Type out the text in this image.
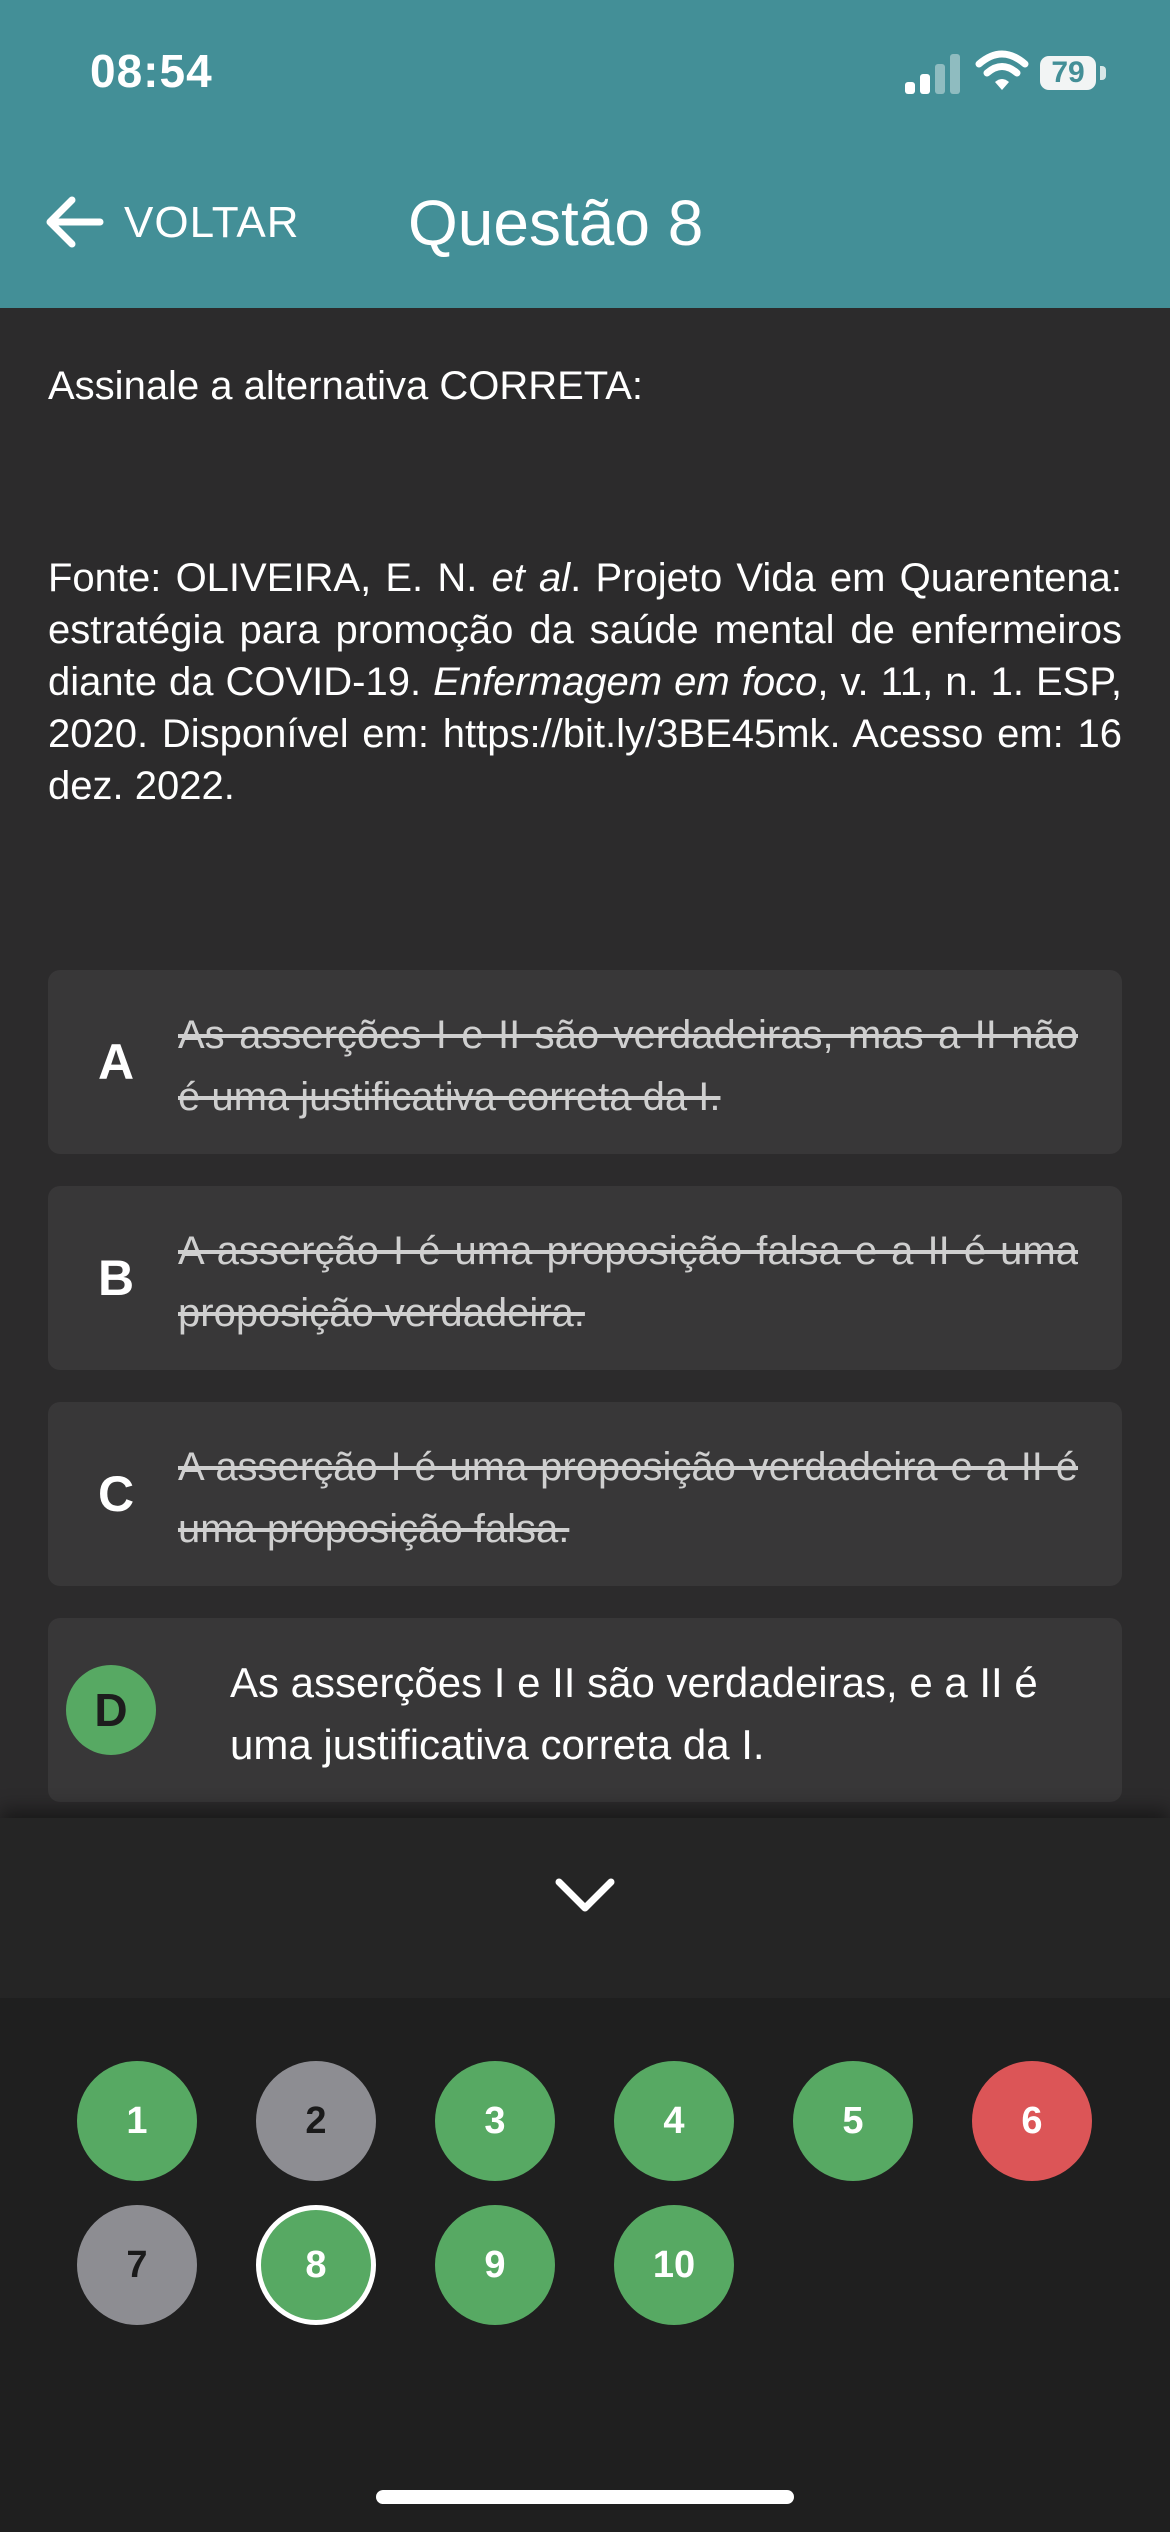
08:54	79
VOLTAR Questão 8
Assinale a alternativa CORRETA:
Fonte: OLIVEIRA, E. N. et al. Projeto Vida em Quarentena: estratégia para promoção da saúde mental de enfermeiros diante da COVID-19. Enfermagem em foco, v. 11, n. 1. ESP, 2020. Disponível em: https://bit.ly/3BE45mk. Acesso em: 16 dez. 2022.
A As asserções I e II são verdadeiras, mas a II não é uma justificativa correta da I.
B A asserção I é uma proposição falsa e a II é uma proposição verdadeira.
C A asserção I é uma proposição verdadeira e a II é uma proposição falsa.
D
As asserções I e II são verdadeiras, e a II é uma justificativa correta da I.
1	2	3	4	5	6
7	8	9	10
